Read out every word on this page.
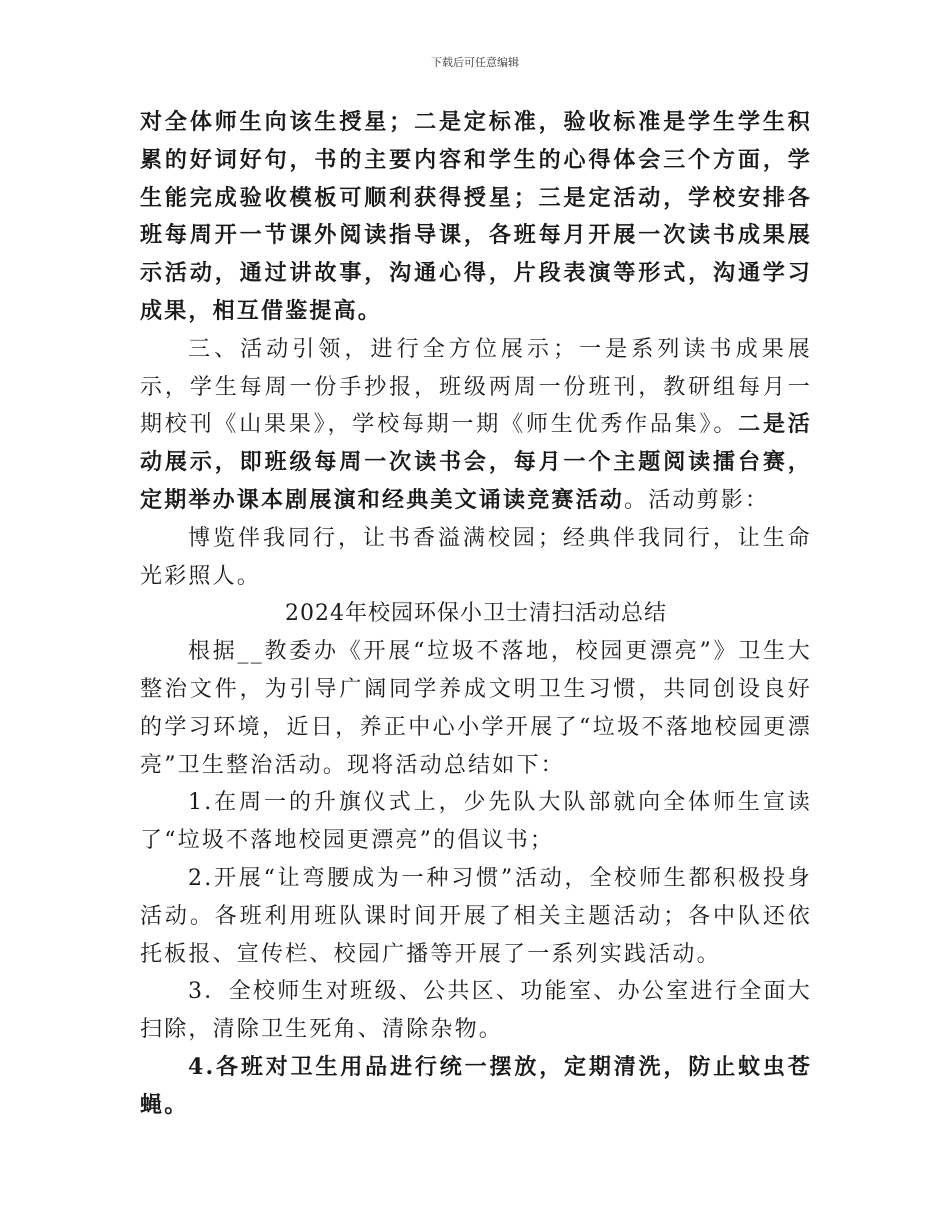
下载后可任意编辑

对全体师生向该生授星；二是定标准，验收标准是学生学生积累的好词好句，书的主要内容和学生的心得体会三个方面，学生能完成验收模板可顺利获得授星；三是定活动，学校安排各班每周开一节课外阅读指导课，各班每月开展一次读书成果展示活动，通过讲故事，沟通心得，片段表演等形式，沟通学习成果，相互借鉴提高。

三、活动引领，进行全方位展示；一是系列读书成果展示，学生每周一份手抄报，班级两周一份班刊，教研组每月一期校刊《山果果》，学校每期一期《师生优秀作品集》。二是活动展示，即班级每周一次读书会，每月一个主题阅读擂台赛，定期举办课本剧展演和经典美文诵读竞赛活动。活动剪影：

博览伴我同行，让书香溢满校园；经典伴我同行，让生命光彩照人。

2024年校园环保小卫士清扫活动总结

根据__教委办《开展“垃圾不落地，校园更漂亮”》卫生大整治文件，为引导广阔同学养成文明卫生习惯，共同创设良好的学习环境，近日，养正中心小学开展了“垃圾不落地校园更漂亮”卫生整治活动。现将活动总结如下：

1.在周一的升旗仪式上，少先队大队部就向全体师生宣读了“垃圾不落地校园更漂亮”的倡议书；

2.开展“让弯腰成为一种习惯”活动，全校师生都积极投身活动。各班利用班队课时间开展了相关主题活动；各中队还依托板报、宣传栏、校园广播等开展了一系列实践活动。

3．全校师生对班级、公共区、功能室、办公室进行全面大扫除，清除卫生死角、清除杂物。

4.各班对卫生用品进行统一摆放，定期清洗，防止蚊虫苍蝇。
